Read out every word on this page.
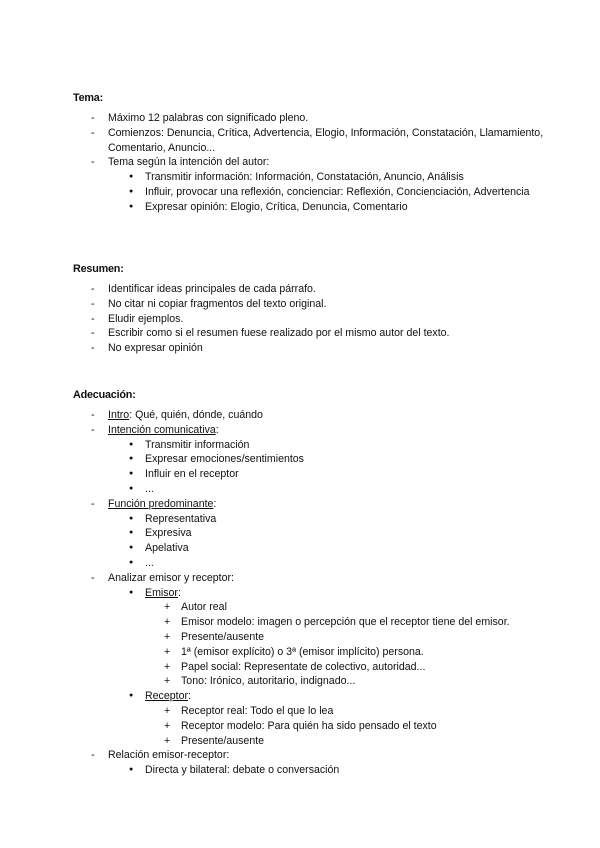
Tema:
- Máximo 12 palabras con significado pleno.
- Comienzos: Denuncia, Crítica, Advertencia, Elogio, Información, Constatación, Llamamiento, Comentario, Anuncio...
- Tema según la intención del autor:
● Transmitir información: Información, Constatación, Anuncio, Análisis
● Influir, provocar una reflexión, concienciar: Reflexión, Concienciación, Advertencia
● Expresar opinión: Elogio, Crítica, Denuncia, Comentario
Resumen:
- Identificar ideas principales de cada párrafo.
- No citar ni copiar fragmentos del texto original.
- Eludir ejemplos.
- Escribir como si el resumen fuese realizado por el mismo autor del texto.
- No expresar opinión
Adecuación:
- Intro: Qué, quién, dónde, cuándo
- Intención comunicativa:
● Transmitir información
● Expresar emociones/sentimientos
● Influir en el receptor
● ...
- Función predominante:
● Representativa
● Expresiva
● Apelativa
● ...
- Analizar emisor y receptor:
● Emisor:
+ Autor real
+ Emisor modelo: imagen o percepción que el receptor tiene del emisor.
+ Presente/ausente
+ 1ª (emisor explícito) o 3ª (emisor implícito) persona.
+ Papel social: Representate de colectivo, autoridad...
+ Tono: Irónico, autoritario, indignado...
● Receptor:
+ Receptor real: Todo el que lo lea
+ Receptor modelo: Para quién ha sido pensado el texto
+ Presente/ausente
- Relación emisor-receptor:
● Directa y bilateral: debate o conversación
